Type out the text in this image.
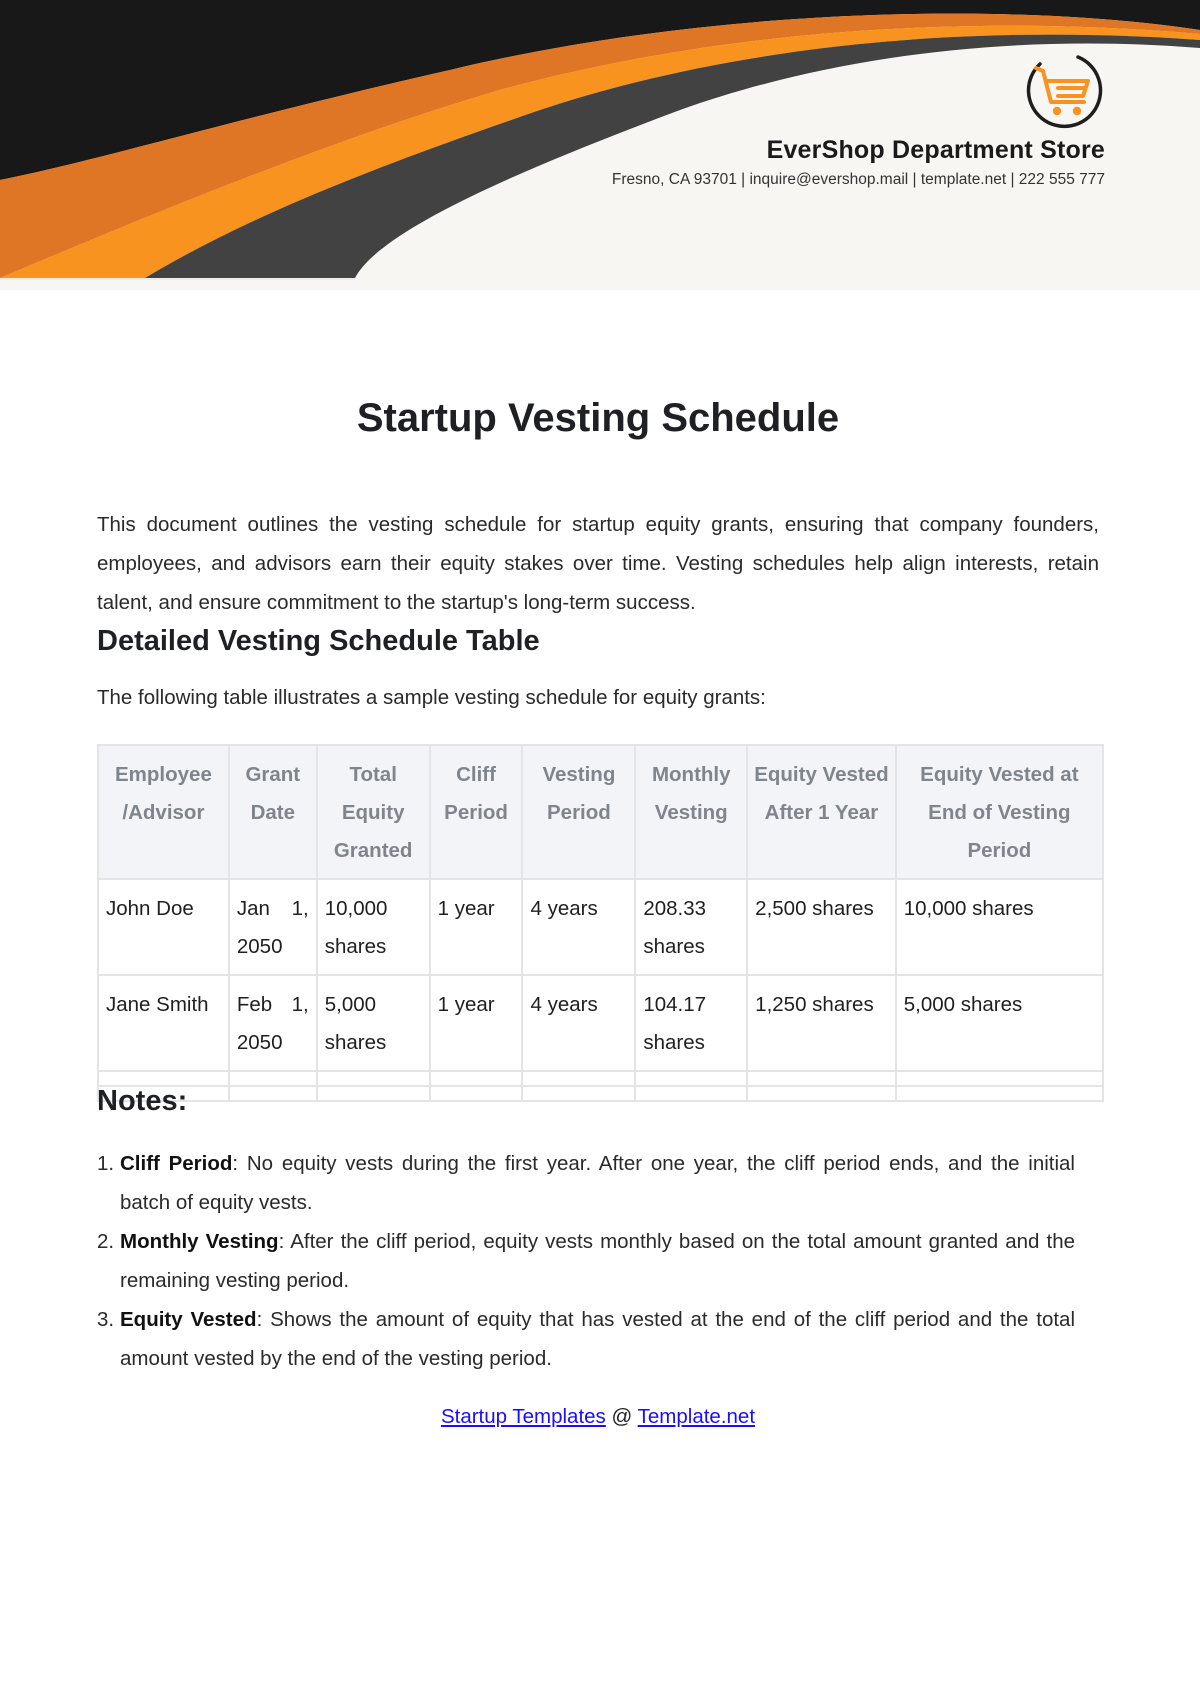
EverShop Department Store
Fresno, CA 93701 | inquire@evershop.mail | template.net | 222 555 777
Startup Vesting Schedule

This document outlines the vesting schedule for startup equity grants, ensuring that company founders, employees, and advisors earn their equity stakes over time. Vesting schedules help align interests, retain talent, and ensure commitment to the startup's long-term success.

Detailed Vesting Schedule Table

The following table illustrates a sample vesting schedule for equity grants:

Employee /Advisor	Grant Date	Total Equity Granted	Cliff Period	Vesting Period	Monthly Vesting	Equity Vested After 1 Year	Equity Vested at End of Vesting Period
John Doe	Jan 1, 2050	10,000 shares	1 year	4 years	208.33 shares	2,500 shares	10,000 shares
Jane Smith	Feb 1, 2050	5,000 shares	1 year	4 years	104.17 shares	1,250 shares	5,000 shares

Notes:
1. Cliff Period: No equity vests during the first year. After one year, the cliff period ends, and the initial batch of equity vests.
2. Monthly Vesting: After the cliff period, equity vests monthly based on the total amount granted and the remaining vesting period.
3. Equity Vested: Shows the amount of equity that has vested at the end of the cliff period and the total amount vested by the end of the vesting period.
Startup Templates @ Template.net
